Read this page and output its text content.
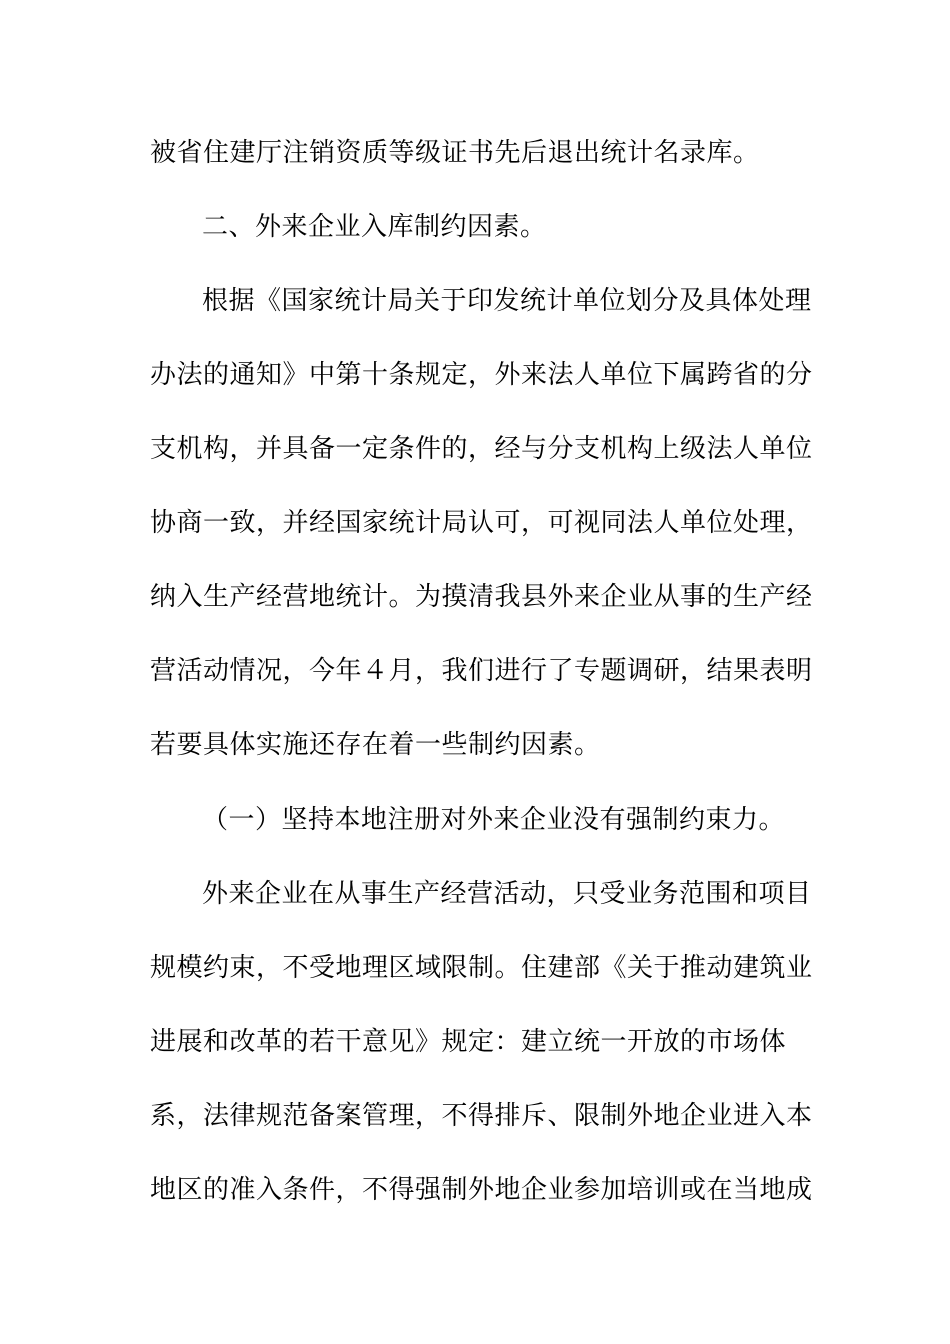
被省住建厅注销资质等级证书先后退出统计名录库。
二、外来企业入库制约因素。
根据《国家统计局关于印发统计单位划分及具体处理
办法的通知》中第十条规定，外来法人单位下属跨省的分
支机构，并具备一定条件的，经与分支机构上级法人单位
协商一致，并经国家统计局认可，可视同法人单位处理，
纳入生产经营地统计。为摸清我县外来企业从事的生产经
营活动情况，今年４月，我们进行了专题调研，结果表明
若要具体实施还存在着一些制约因素。
（一）坚持本地注册对外来企业没有强制约束力。
外来企业在从事生产经营活动，只受业务范围和项目
规模约束，不受地理区域限制。住建部《关于推动建筑业
进展和改革的若干意见》规定：建立统一开放的市场体
系，法律规范备案管理，不得排斥、限制外地企业进入本
地区的准入条件，不得强制外地企业参加培训或在当地成
